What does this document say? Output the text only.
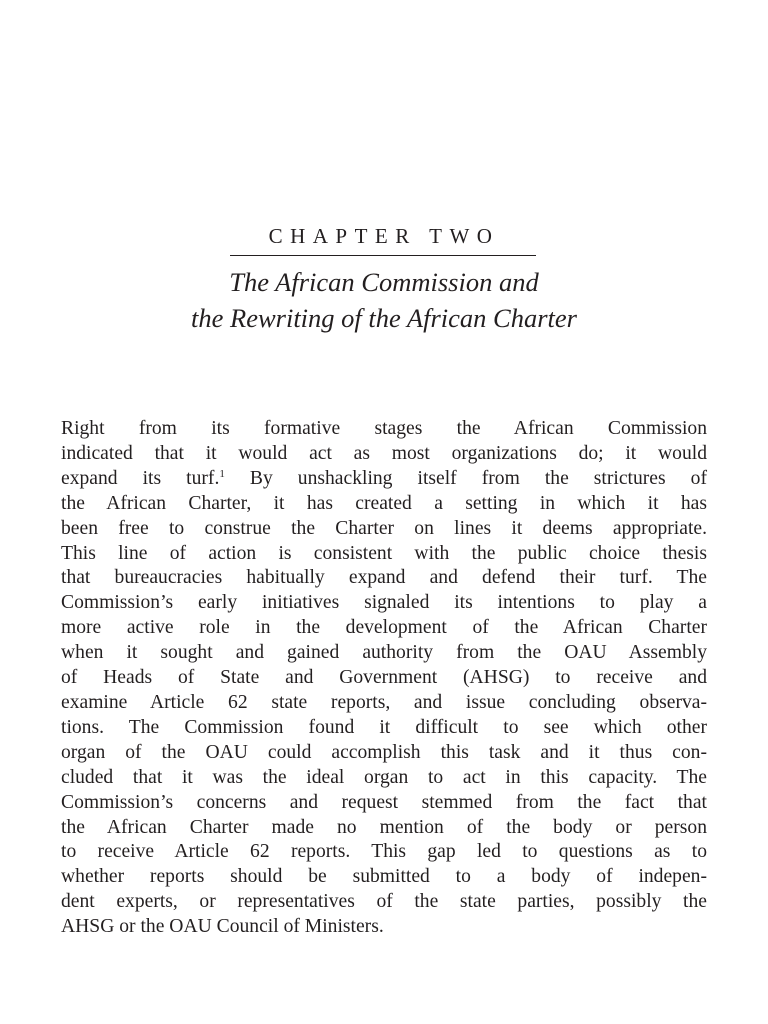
CHAPTER TWO
The African Commission and
the Rewriting of the African Charter
Right from its formative stages the African Commission
indicated that it would act as most organizations do; it would
expand its turf.$^1$ By unshackling itself from the strictures of
the African Charter, it has created a setting in which it has
been free to construe the Charter on lines it deems appropriate.
This line of action is consistent with the public choice thesis
that bureaucracies habitually expand and defend their turf. The
Commission’s early initiatives signaled its intentions to play a
more active role in the development of the African Charter
when it sought and gained authority from the OAU Assembly
of Heads of State and Government (AHSG) to receive and
examine Article 62 state reports, and issue concluding observa-
tions. The Commission found it difficult to see which other
organ of the OAU could accomplish this task and it thus con-
cluded that it was the ideal organ to act in this capacity. The
Commission’s concerns and request stemmed from the fact that
the African Charter made no mention of the body or person
to receive Article 62 reports. This gap led to questions as to
whether reports should be submitted to a body of indepen-
dent experts, or representatives of the state parties, possibly the
AHSG or the OAU Council of Ministers.
